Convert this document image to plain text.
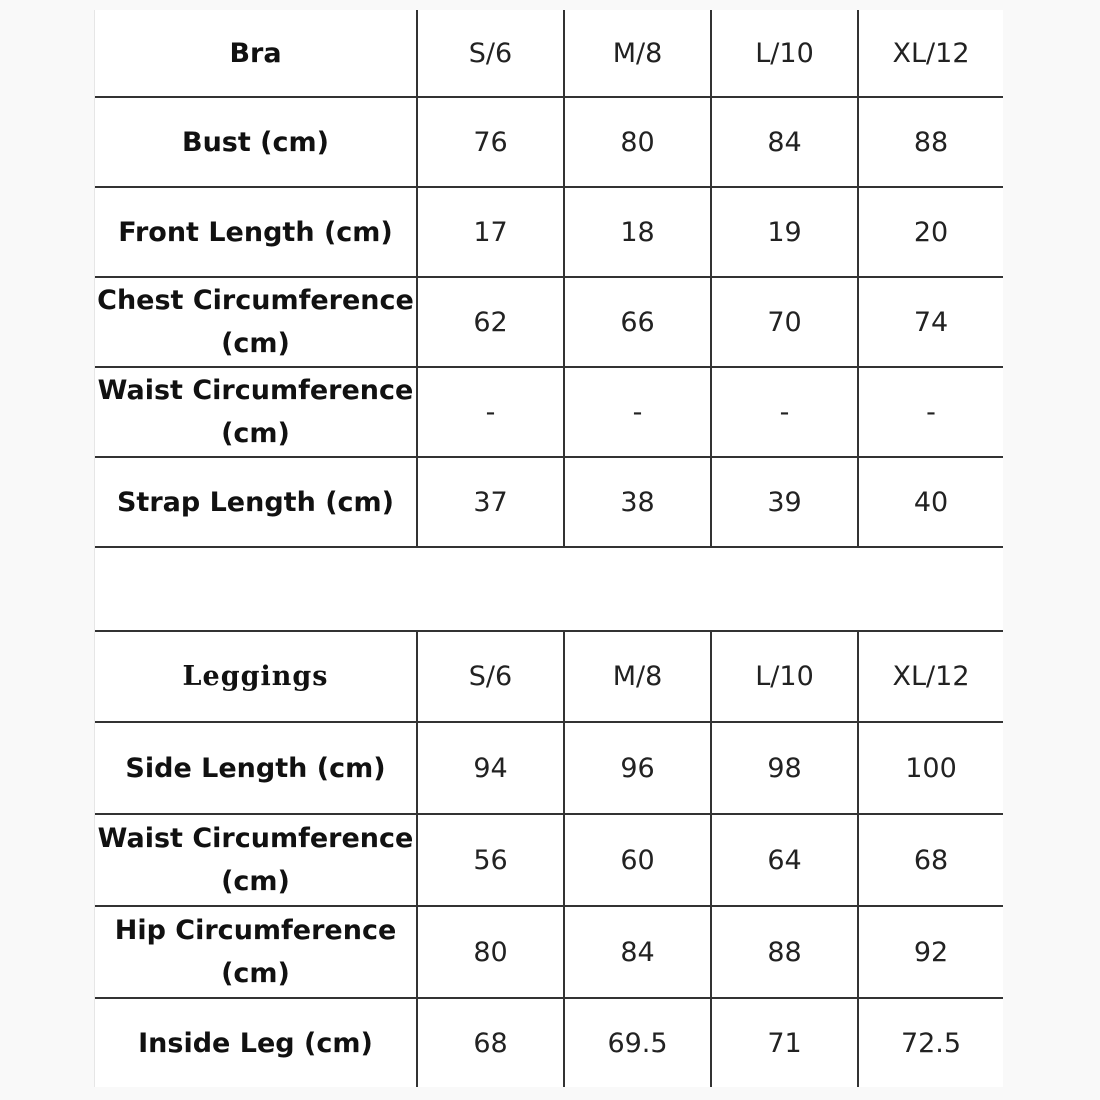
Bra	S/6	M/8	L/10	XL/12
Bust (cm)	76	80	84	88
Front Length (cm)	17	18	19	20
Chest Circumference (cm)	62	66	70	74
Waist Circumference (cm)	-	-	-	-
Strap Length (cm)	37	38	39	40

Leggings	S/6	M/8	L/10	XL/12
Side Length (cm)	94	96	98	100
Waist Circumference (cm)	56	60	64	68
Hip Circumference (cm)	80	84	88	92
Inside Leg (cm)	68	69.5	71	72.5
